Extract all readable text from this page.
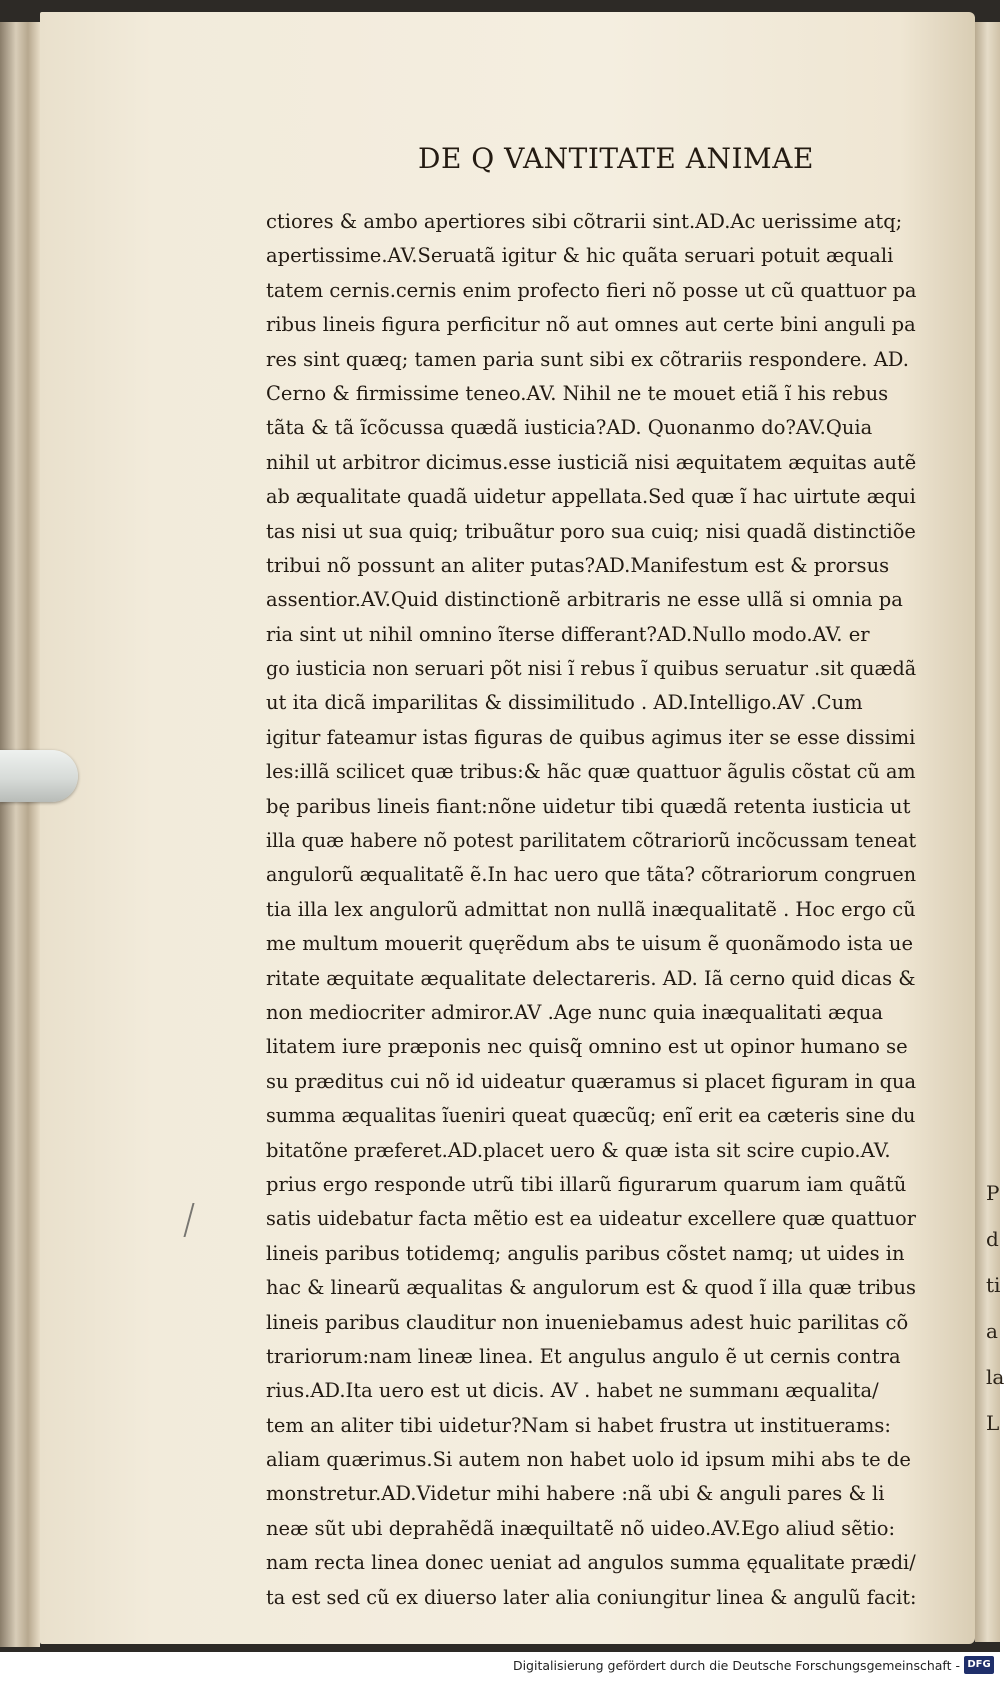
P
d
ti
a
la
L
DE Q VANTITATE ANIMAE
ctiores & ambo apertiores sibi cõtrarii sint.AD.Ac uerissime atq;
apertissime.AV.Seruatã igitur & hic quãta seruari potuit æquali
tatem cernis.cernis enim profecto fieri nõ posse ut cũ quattuor pa
ribus lineis figura perficitur nõ aut omnes aut certe bini anguli pa
res sint quæq; tamen paria sunt sibi ex cõtrariis respondere. AD.
Cerno & firmissime teneo.AV. Nihil ne te mouet etiã ĩ his rebus
tãta & tã ĩcõcussa quædã iusticia?AD. Quonanmo do?AV.Quia
nihil ut arbitror dicimus.esse iusticiã nisi æquitatem æquitas autẽ
ab æqualitate quadã uidetur appellata.Sed quæ ĩ hac uirtute æqui
tas nisi ut sua quiq; tribuãtur poro sua cuiq; nisi quadã distinctiõe
tribui nõ possunt an aliter putas?AD.Manifestum est & prorsus
assentior.AV.Quid distinctionẽ arbitraris ne esse ullã si omnia pa
ria sint ut nihil omnino ĩterse differant?AD.Nullo modo.AV. er
go iusticia non seruari põt nisi ĩ rebus ĩ quibus seruatur .sit quædã
ut ita dicã imparilitas & dissimilitudo . AD.Intelligo.AV .Cum
igitur fateamur istas figuras de quibus agimus iter se esse dissimi
les:illã scilicet quæ tribus:& hãc quæ quattuor ãgulis cõstat cũ am
bę paribus lineis fiant:nõne uidetur tibi quædã retenta iusticia ut
illa quæ habere nõ potest parilitatem cõtrariorũ incõcussam teneat
angulorũ æqualitatẽ ẽ.In hac uero que tãta? cõtrariorum congruen
tia illa lex angulorũ admittat non nullã inæqualitatẽ . Hoc ergo cũ
me multum mouerit quęrẽdum abs te uisum ẽ quonãmodo ista ue
ritate æquitate æqualitate delectareris. AD. Iã cerno quid dicas &
non mediocriter admiror.AV .Age nunc quia inæqualitati æqua
litatem iure præponis nec quisq̃ omnino est ut opinor humano se
su præditus cui nõ id uideatur quæramus si placet figuram in qua
summa æqualitas ĩueniri queat quæcũq; enĩ erit ea cæteris sine du
bitatõne præferet.AD.placet uero & quæ ista sit scire cupio.AV.
prius ergo responde utrũ tibi illarũ figurarum quarum iam quãtũ
satis uidebatur facta mẽtio est ea uideatur excellere quæ quattuor
lineis paribus totidemq; angulis paribus cõstet namq; ut uides in
hac & linearũ æqualitas & angulorum est & quod ĩ illa quæ tribus
lineis paribus clauditur non inueniebamus adest huic parilitas cõ
trariorum:nam lineæ linea. Et angulus angulo ẽ ut cernis contra
rius.AD.Ita uero est ut dicis. AV . habet ne summanı æqualita/
tem an aliter tibi uidetur?Nam si habet frustra ut instituerams:
aliam quærimus.Si autem non habet uolo id ipsum mihi abs te de
monstretur.AD.Videtur mihi habere :nã ubi & anguli pares & li
neæ sũt ubi deprahẽdã inæquiltatẽ nõ uideo.AV.Ego aliud sẽtio:
nam recta linea donec ueniat ad angulos summa ęqualitate prædi/
ta est sed cũ ex diuerso later alia coniungitur linea & angulũ facit:
Digitalisierung gefördert durch die Deutsche Forschungsgemeinschaft - DFG
